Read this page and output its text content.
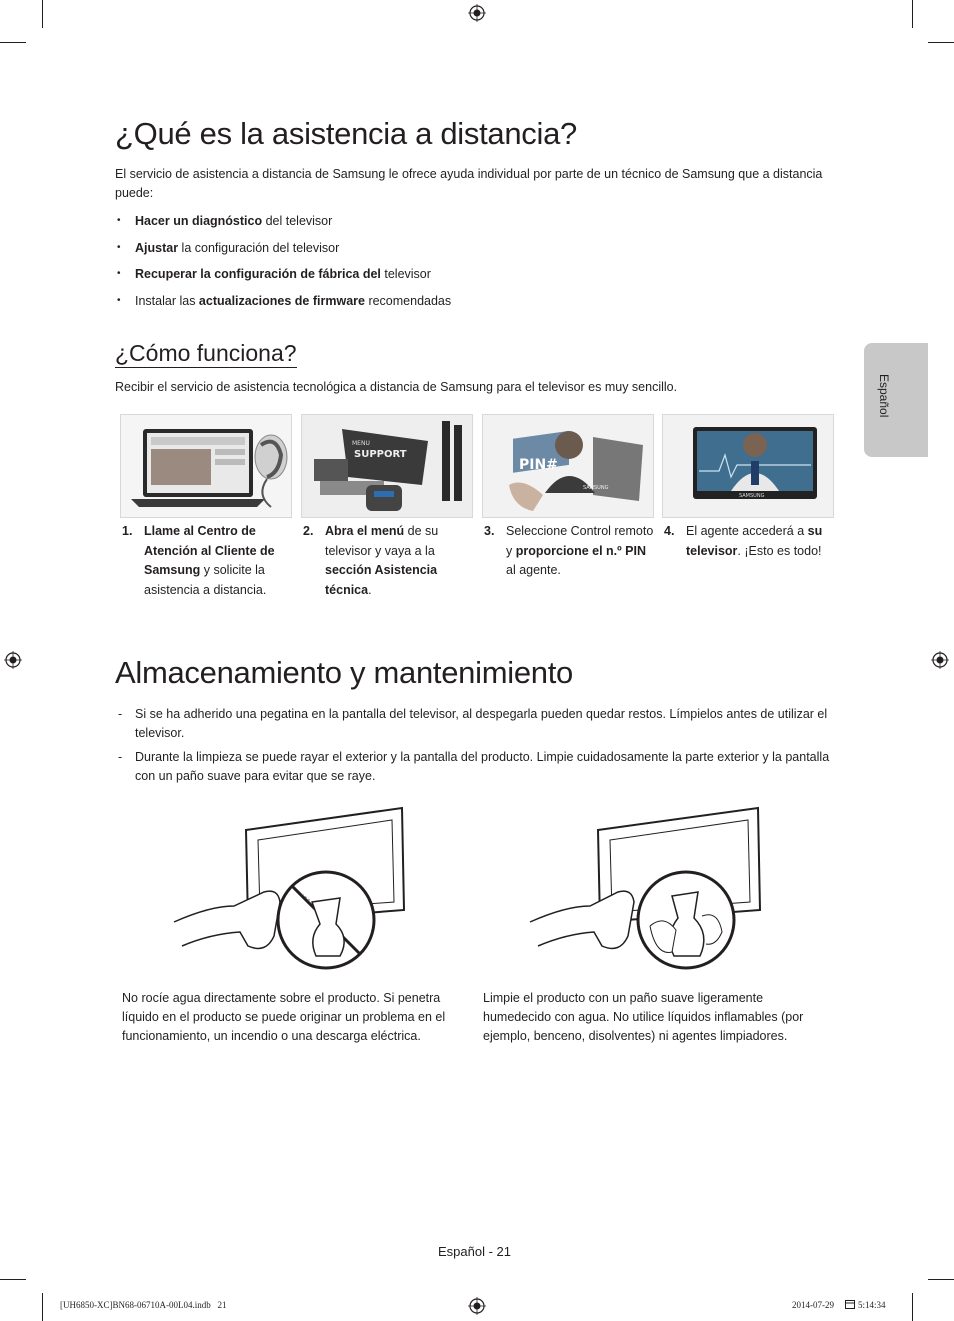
Español
¿Qué es la asistencia a distancia?
El servicio de asistencia a distancia de Samsung le ofrece ayuda individual por parte de un técnico de Samsung que a distancia puede:
• Hacer un diagnóstico del televisor
• Ajustar la configuración del televisor
• Recuperar la configuración de fábrica del televisor
• Instalar las actualizaciones de firmware recomendadas
¿Cómo funciona?
Recibir el servicio de asistencia tecnológica a distancia de Samsung para el televisor es muy sencillo.
MENU
SUPPORT
PIN#
SAMSUNG
SAMSUNG
1. Llame al Centro de Atención al Cliente de Samsung y solicite la asistencia a distancia.
2. Abra el menú de su televisor y vaya a la sección Asistencia técnica.
3. Seleccione Control remoto y proporcione el n.º PIN al agente.
4. El agente accederá a su televisor. ¡Esto es todo!
Almacenamiento y mantenimiento
- Si se ha adherido una pegatina en la pantalla del televisor, al despegarla pueden quedar restos. Límpielos antes de utilizar el televisor.
- Durante la limpieza se puede rayar el exterior y la pantalla del producto. Limpie cuidadosamente la parte exterior y la pantalla con un paño suave para evitar que se raye.
No rocíe agua directamente sobre el producto. Si penetra líquido en el producto se puede originar un problema en el funcionamiento, un incendio o una descarga eléctrica.
Limpie el producto con un paño suave ligeramente humedecido con agua. No utilice líquidos inflamables (por ejemplo, benceno, disolventes) ni agentes limpiadores.
Español - 21
[UH6850-XC]BN68-06710A-00L04.indb   21	2014-07-29	5:14:34
